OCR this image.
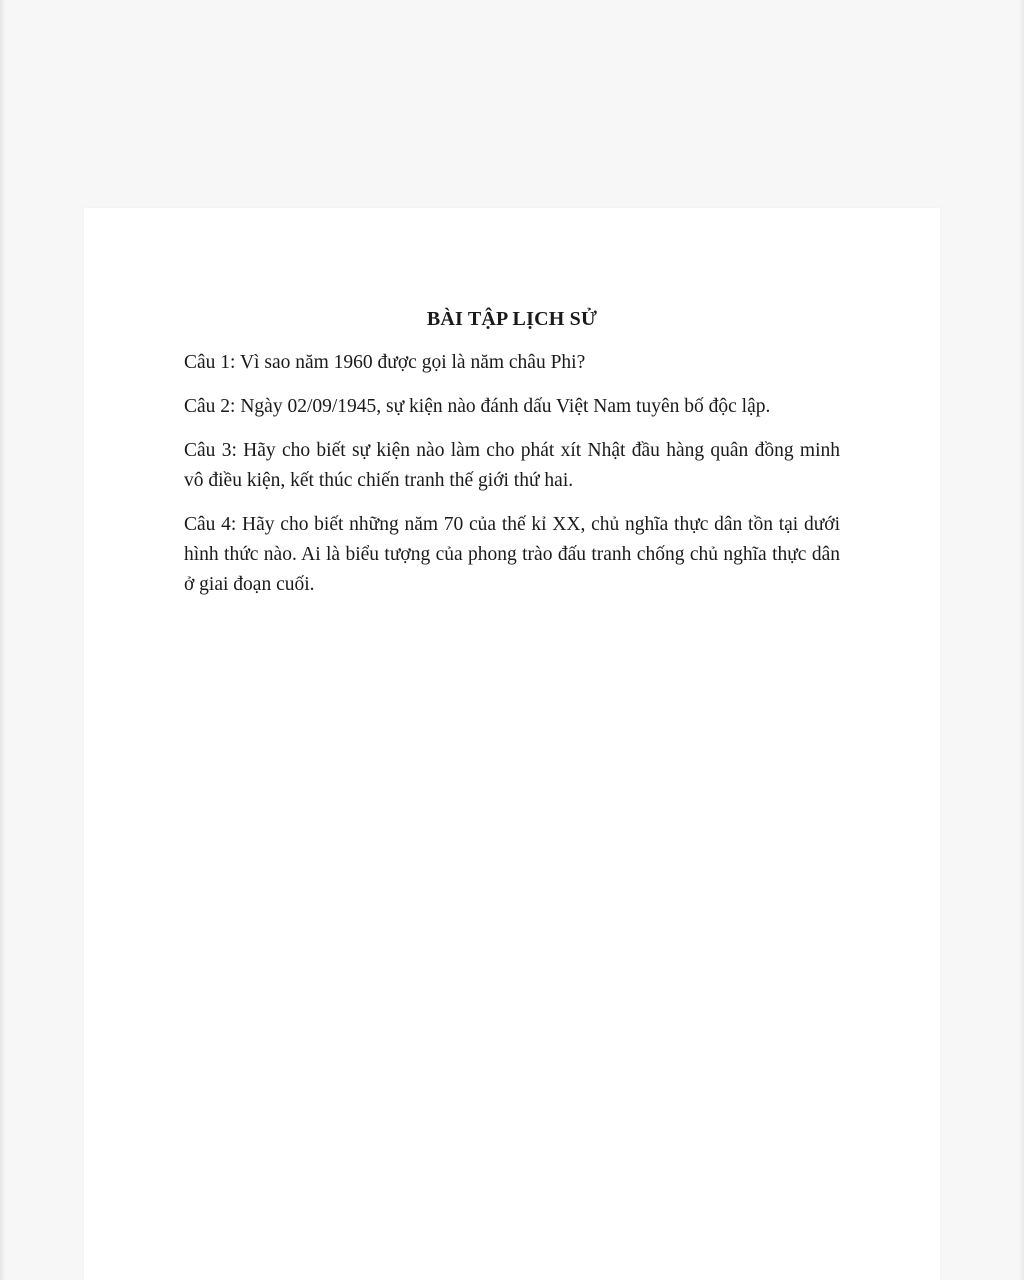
BÀI TẬP LỊCH SỬ

Câu 1: Vì sao năm 1960 được gọi là năm châu Phi?

Câu 2: Ngày 02/09/1945, sự kiện nào đánh dấu Việt Nam tuyên bố độc lập.

Câu 3: Hãy cho biết sự kiện nào làm cho phát xít Nhật đầu hàng quân đồng minh vô điều kiện, kết thúc chiến tranh thế giới thứ hai.

Câu 4: Hãy cho biết những năm 70 của thế kỉ XX, chủ nghĩa thực dân tồn tại dưới hình thức nào. Ai là biểu tượng của phong trào đấu tranh chống chủ nghĩa thực dân ở giai đoạn cuối.
